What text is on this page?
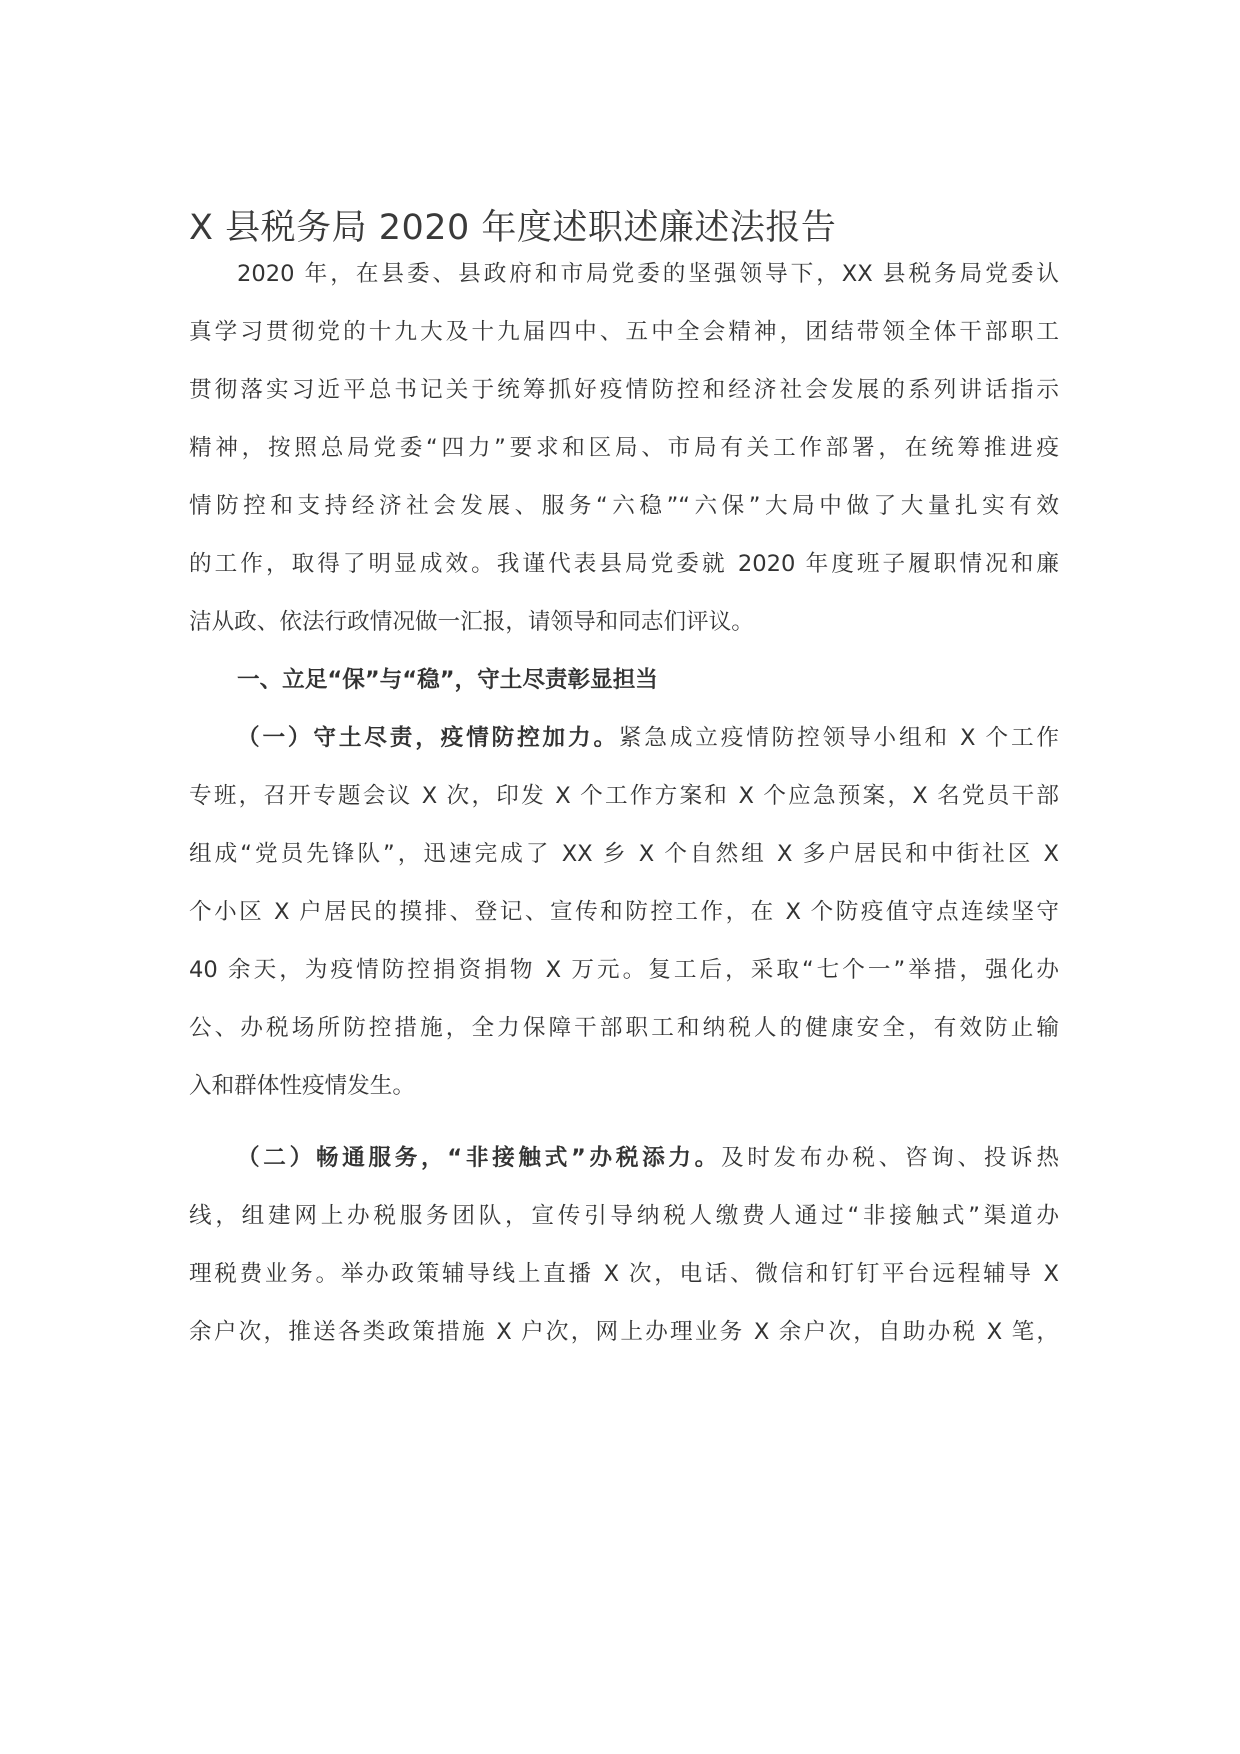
X 县税务局 2020 年度述职述廉述法报告
2020 年，在县委、县政府和市局党委的坚强领导下，XX 县税务局党委认
真学习贯彻党的十九大及十九届四中、五中全会精神，团结带领全体干部职工
贯彻落实习近平总书记关于统筹抓好疫情防控和经济社会发展的系列讲话指示
精神，按照总局党委“四力”要求和区局、市局有关工作部署，在统筹推进疫
情防控和支持经济社会发展、服务“六稳”“六保”大局中做了大量扎实有效
的工作，取得了明显成效。我谨代表县局党委就 2020 年度班子履职情况和廉
洁从政、依法行政情况做一汇报，请领导和同志们评议。
一、立足“保”与“稳”，守土尽责彰显担当
（一）守土尽责，疫情防控加力。紧急成立疫情防控领导小组和 X 个工作
专班，召开专题会议 X 次，印发 X 个工作方案和 X 个应急预案，X 名党员干部
组成“党员先锋队”，迅速完成了 XX 乡 X 个自然组 X 多户居民和中街社区 X
个小区 X 户居民的摸排、登记、宣传和防控工作，在 X 个防疫值守点连续坚守
40 余天，为疫情防控捐资捐物 X 万元。复工后，采取“七个一”举措，强化办
公、办税场所防控措施，全力保障干部职工和纳税人的健康安全，有效防止输
入和群体性疫情发生。
（二）畅通服务，“非接触式”办税添力。及时发布办税、咨询、投诉热
线，组建网上办税服务团队，宣传引导纳税人缴费人通过“非接触式”渠道办
理税费业务。举办政策辅导线上直播 X 次，电话、微信和钉钉平台远程辅导 X
余户次，推送各类政策措施 X 户次，网上办理业务 X 余户次，自助办税 X 笔，
